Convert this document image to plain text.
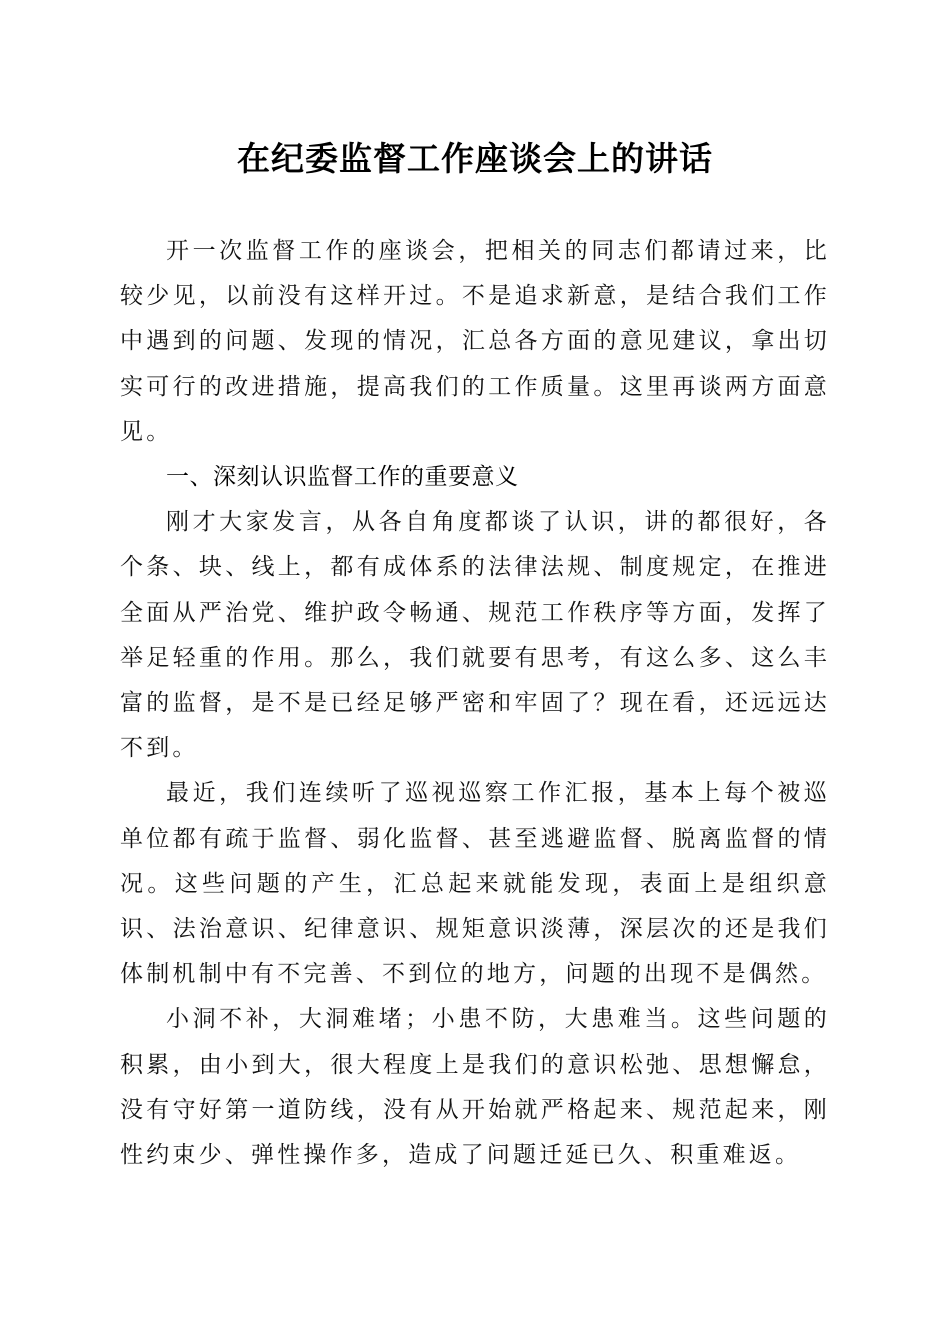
在纪委监督工作座谈会上的讲话

开一次监督工作的座谈会，把相关的同志们都请过来，比较少见，以前没有这样开过。不是追求新意，是结合我们工作中遇到的问题、发现的情况，汇总各方面的意见建议，拿出切实可行的改进措施，提高我们的工作质量。这里再谈两方面意见。

一、深刻认识监督工作的重要意义

刚才大家发言，从各自角度都谈了认识，讲的都很好，各个条、块、线上，都有成体系的法律法规、制度规定，在推进全面从严治党、维护政令畅通、规范工作秩序等方面，发挥了举足轻重的作用。那么，我们就要有思考，有这么多、这么丰富的监督，是不是已经足够严密和牢固了？现在看，还远远达不到。

最近，我们连续听了巡视巡察工作汇报，基本上每个被巡单位都有疏于监督、弱化监督、甚至逃避监督、脱离监督的情况。这些问题的产生，汇总起来就能发现，表面上是组织意识、法治意识、纪律意识、规矩意识淡薄，深层次的还是我们体制机制中有不完善、不到位的地方，问题的出现不是偶然。

小洞不补，大洞难堵；小患不防，大患难当。这些问题的积累，由小到大，很大程度上是我们的意识松弛、思想懈怠，没有守好第一道防线，没有从开始就严格起来、规范起来，刚性约束少、弹性操作多，造成了问题迁延已久、积重难返。
